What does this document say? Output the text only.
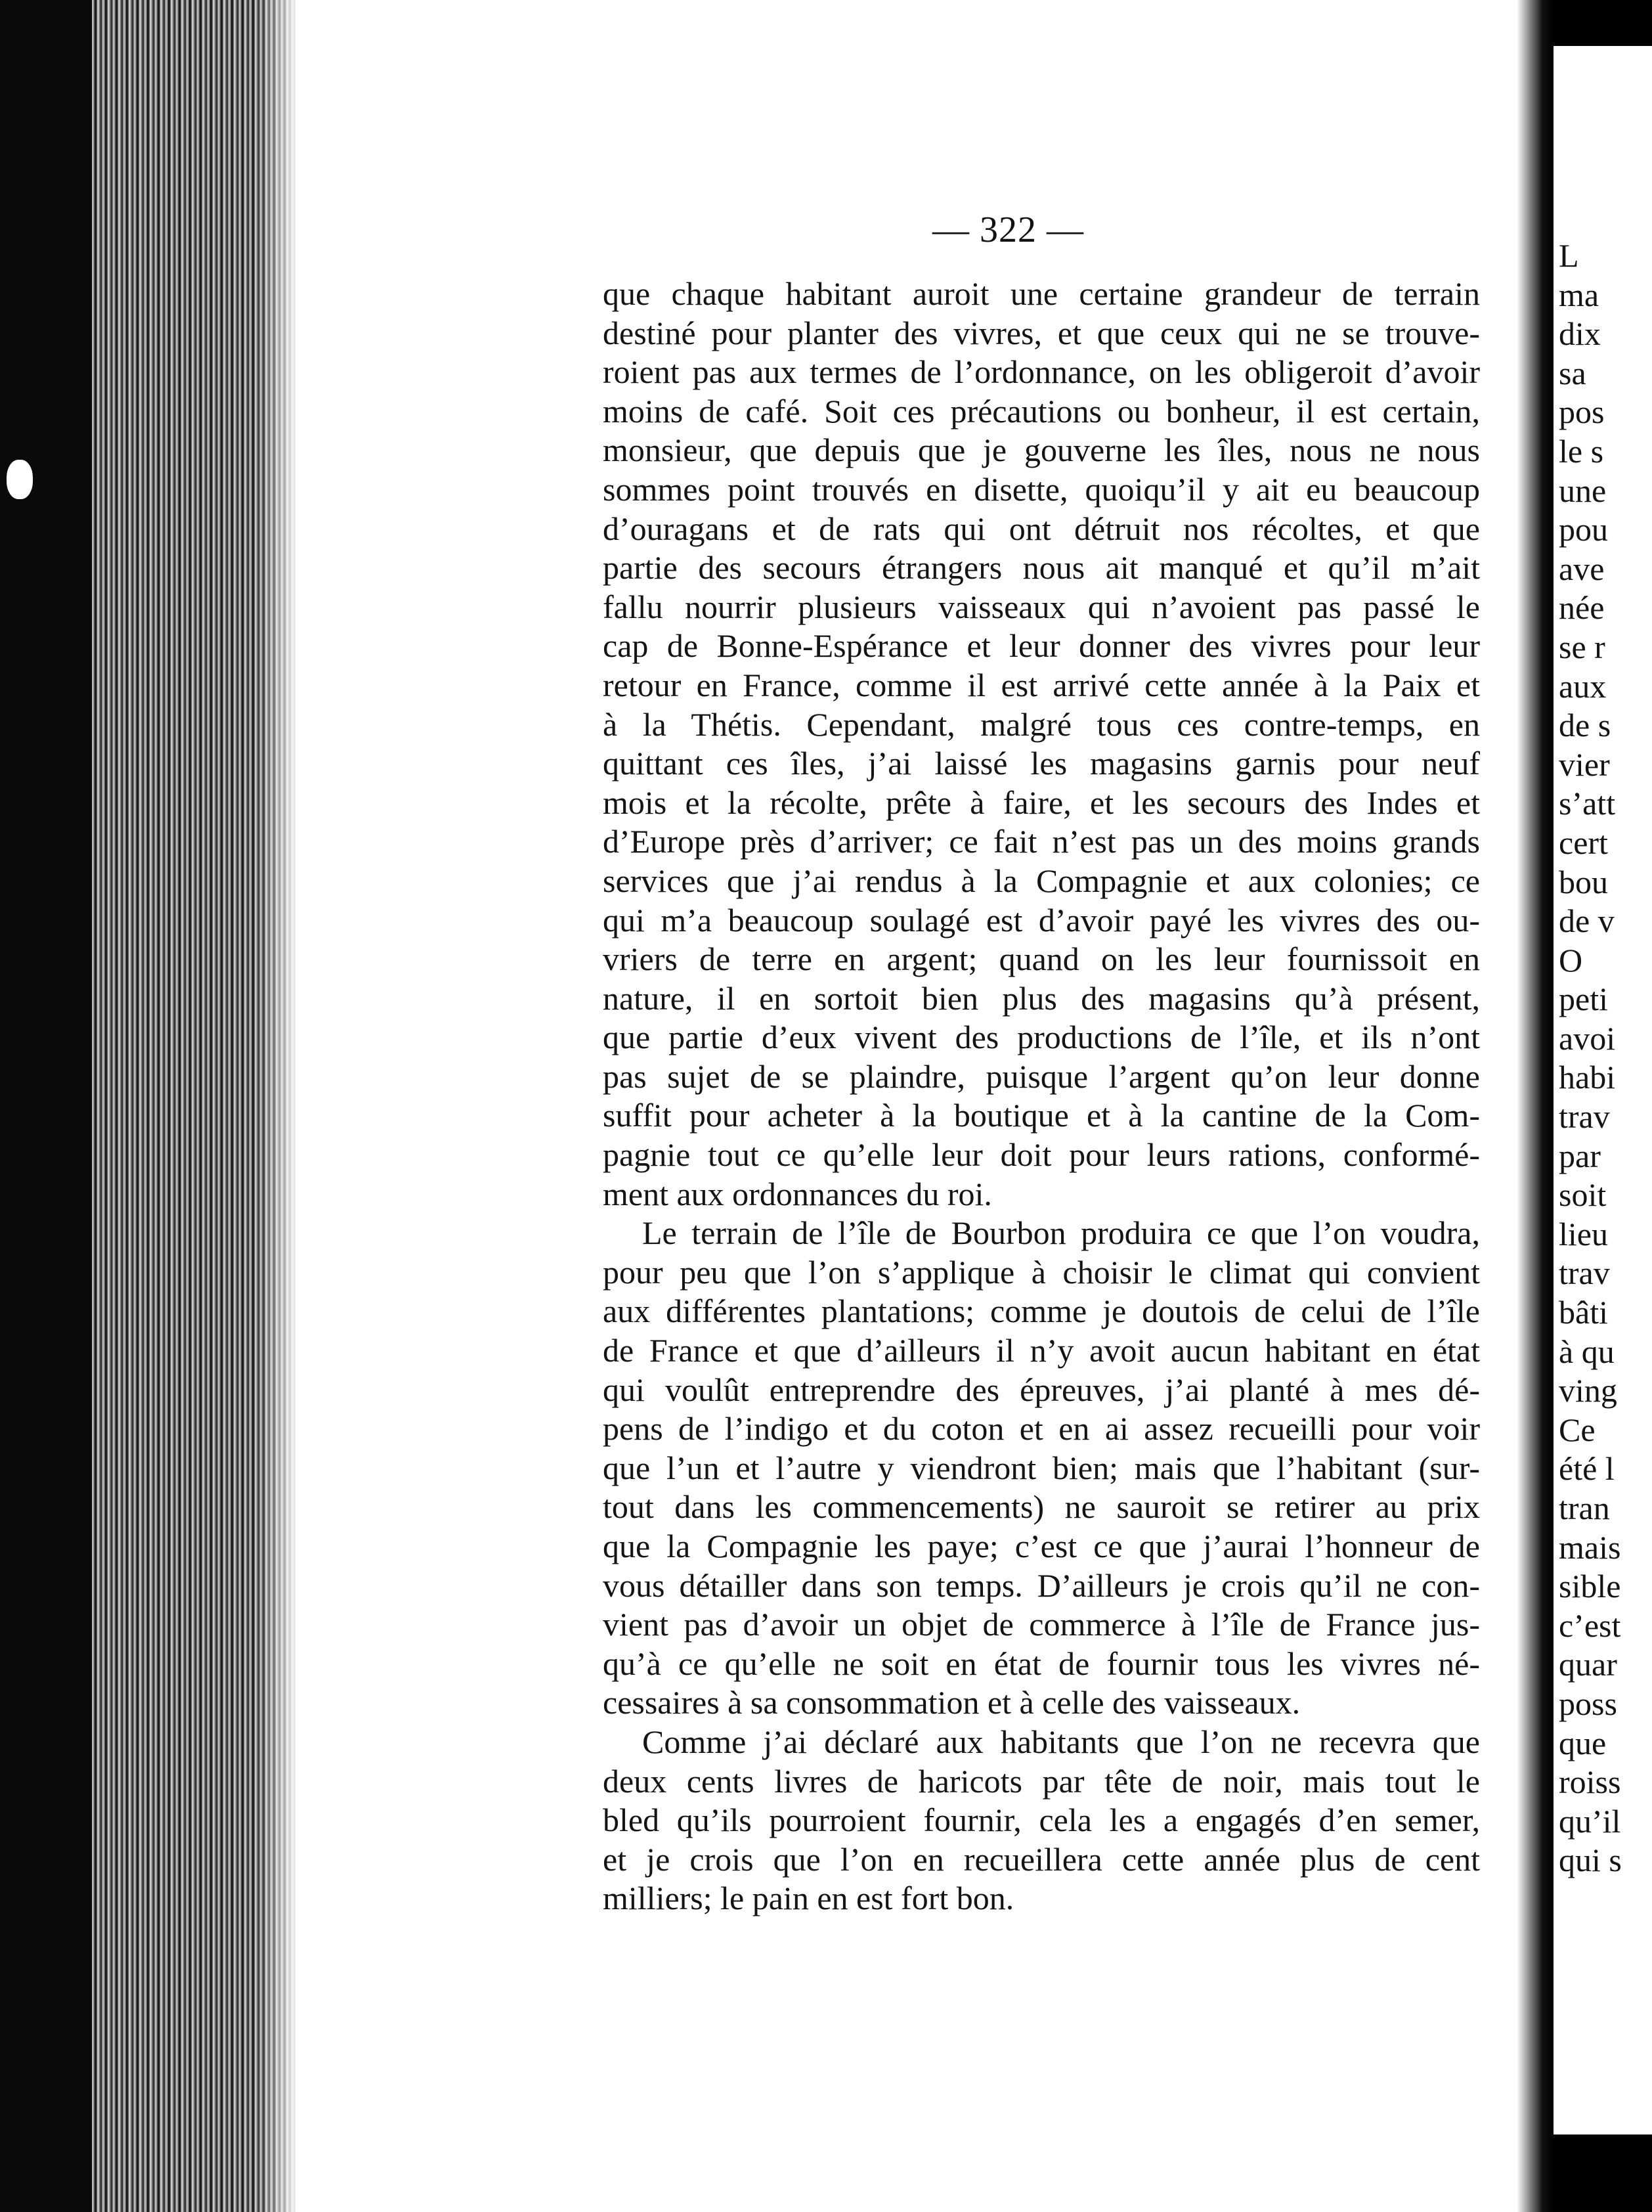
— 322 —

que chaque habitant auroit une certaine grandeur de terrain
destiné pour planter des vivres, et que ceux qui ne se trouve-
roient pas aux termes de l’ordonnance, on les obligeroit d’avoir
moins de café. Soit ces précautions ou bonheur, il est certain,
monsieur, que depuis que je gouverne les îles, nous ne nous
sommes point trouvés en disette, quoiqu’il y ait eu beaucoup
d’ouragans et de rats qui ont détruit nos récoltes, et que
partie des secours étrangers nous ait manqué et qu’il m’ait
fallu nourrir plusieurs vaisseaux qui n’avoient pas passé le
cap de Bonne-Espérance et leur donner des vivres pour leur
retour en France, comme il est arrivé cette année à la Paix et
à la Thétis. Cependant, malgré tous ces contre-temps, en
quittant ces îles, j’ai laissé les magasins garnis pour neuf
mois et la récolte, prête à faire, et les secours des Indes et
d’Europe près d’arriver; ce fait n’est pas un des moins grands
services que j’ai rendus à la Compagnie et aux colonies; ce
qui m’a beaucoup soulagé est d’avoir payé les vivres des ou-
vriers de terre en argent; quand on les leur fournissoit en
nature, il en sortoit bien plus des magasins qu’à présent,
que partie d’eux vivent des productions de l’île, et ils n’ont
pas sujet de se plaindre, puisque l’argent qu’on leur donne
suffit pour acheter à la boutique et à la cantine de la Com-
pagnie tout ce qu’elle leur doit pour leurs rations, conformé-
ment aux ordonnances du roi.

Le terrain de l’île de Bourbon produira ce que l’on voudra,
pour peu que l’on s’applique à choisir le climat qui convient
aux différentes plantations; comme je doutois de celui de l’île
de France et que d’ailleurs il n’y avoit aucun habitant en état
qui voulût entreprendre des épreuves, j’ai planté à mes dé-
pens de l’indigo et du coton et en ai assez recueilli pour voir
que l’un et l’autre y viendront bien; mais que l’habitant (sur-
tout dans les commencements) ne sauroit se retirer au prix
que la Compagnie les paye; c’est ce que j’aurai l’honneur de
vous détailler dans son temps. D’ailleurs je crois qu’il ne con-
vient pas d’avoir un objet de commerce à l’île de France jus-
qu’à ce qu’elle ne soit en état de fournir tous les vivres né-
cessaires à sa consommation et à celle des vaisseaux.

Comme j’ai déclaré aux habitants que l’on ne recevra que
deux cents livres de haricots par tête de noir, mais tout le
bled qu’ils pourroient fournir, cela les a engagés d’en semer,
et je crois que l’on en recueillera cette année plus de cent
milliers; le pain en est fort bon.

L
ma
dix
sa
pos
le s
une
pou
ave
née
se r
aux
de s
vier
s’att
cert
bou
de v
O
peti
avoi
habi
trav
par
soit
lieu
trav
bâti
à qu
ving
Ce
été l
tran
mais
sible
c’est
quar
poss
que
roiss
qu’il
qui s
